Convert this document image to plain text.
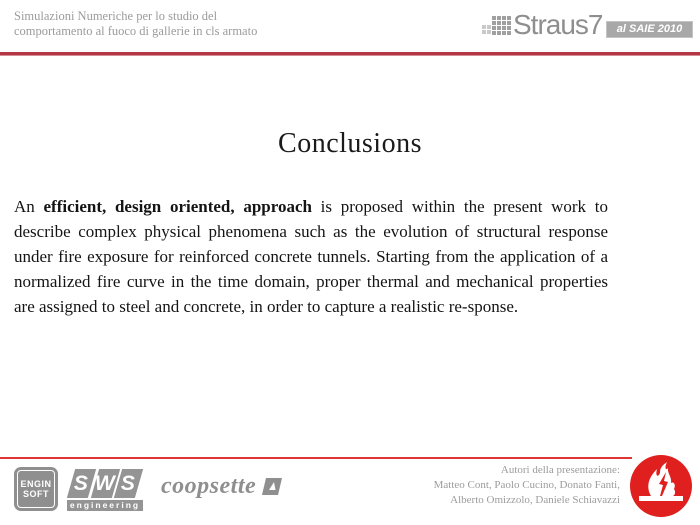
Simulazioni Numeriche per lo studio del
comportamento al fuoco di gallerie in cls armato	Straus7	al SAIE 2010
Conclusions

An efficient, design oriented, approach is proposed within the present work to describe complex physical phenomena such as the evolution of structural response under fire exposure for reinforced concrete tunnels. Starting from the application of a normalized fire curve in the time domain, proper thermal and mechanical properties are assigned to steel and concrete, in order to capture a realistic re-sponse.

ENGIN
SOFT S W S
engineering
coopsette
Autori della presentazione:
Matteo Cont, Paolo Cucino, Donato Fanti,
Alberto Omizzolo, Daniele Schiavazzi
